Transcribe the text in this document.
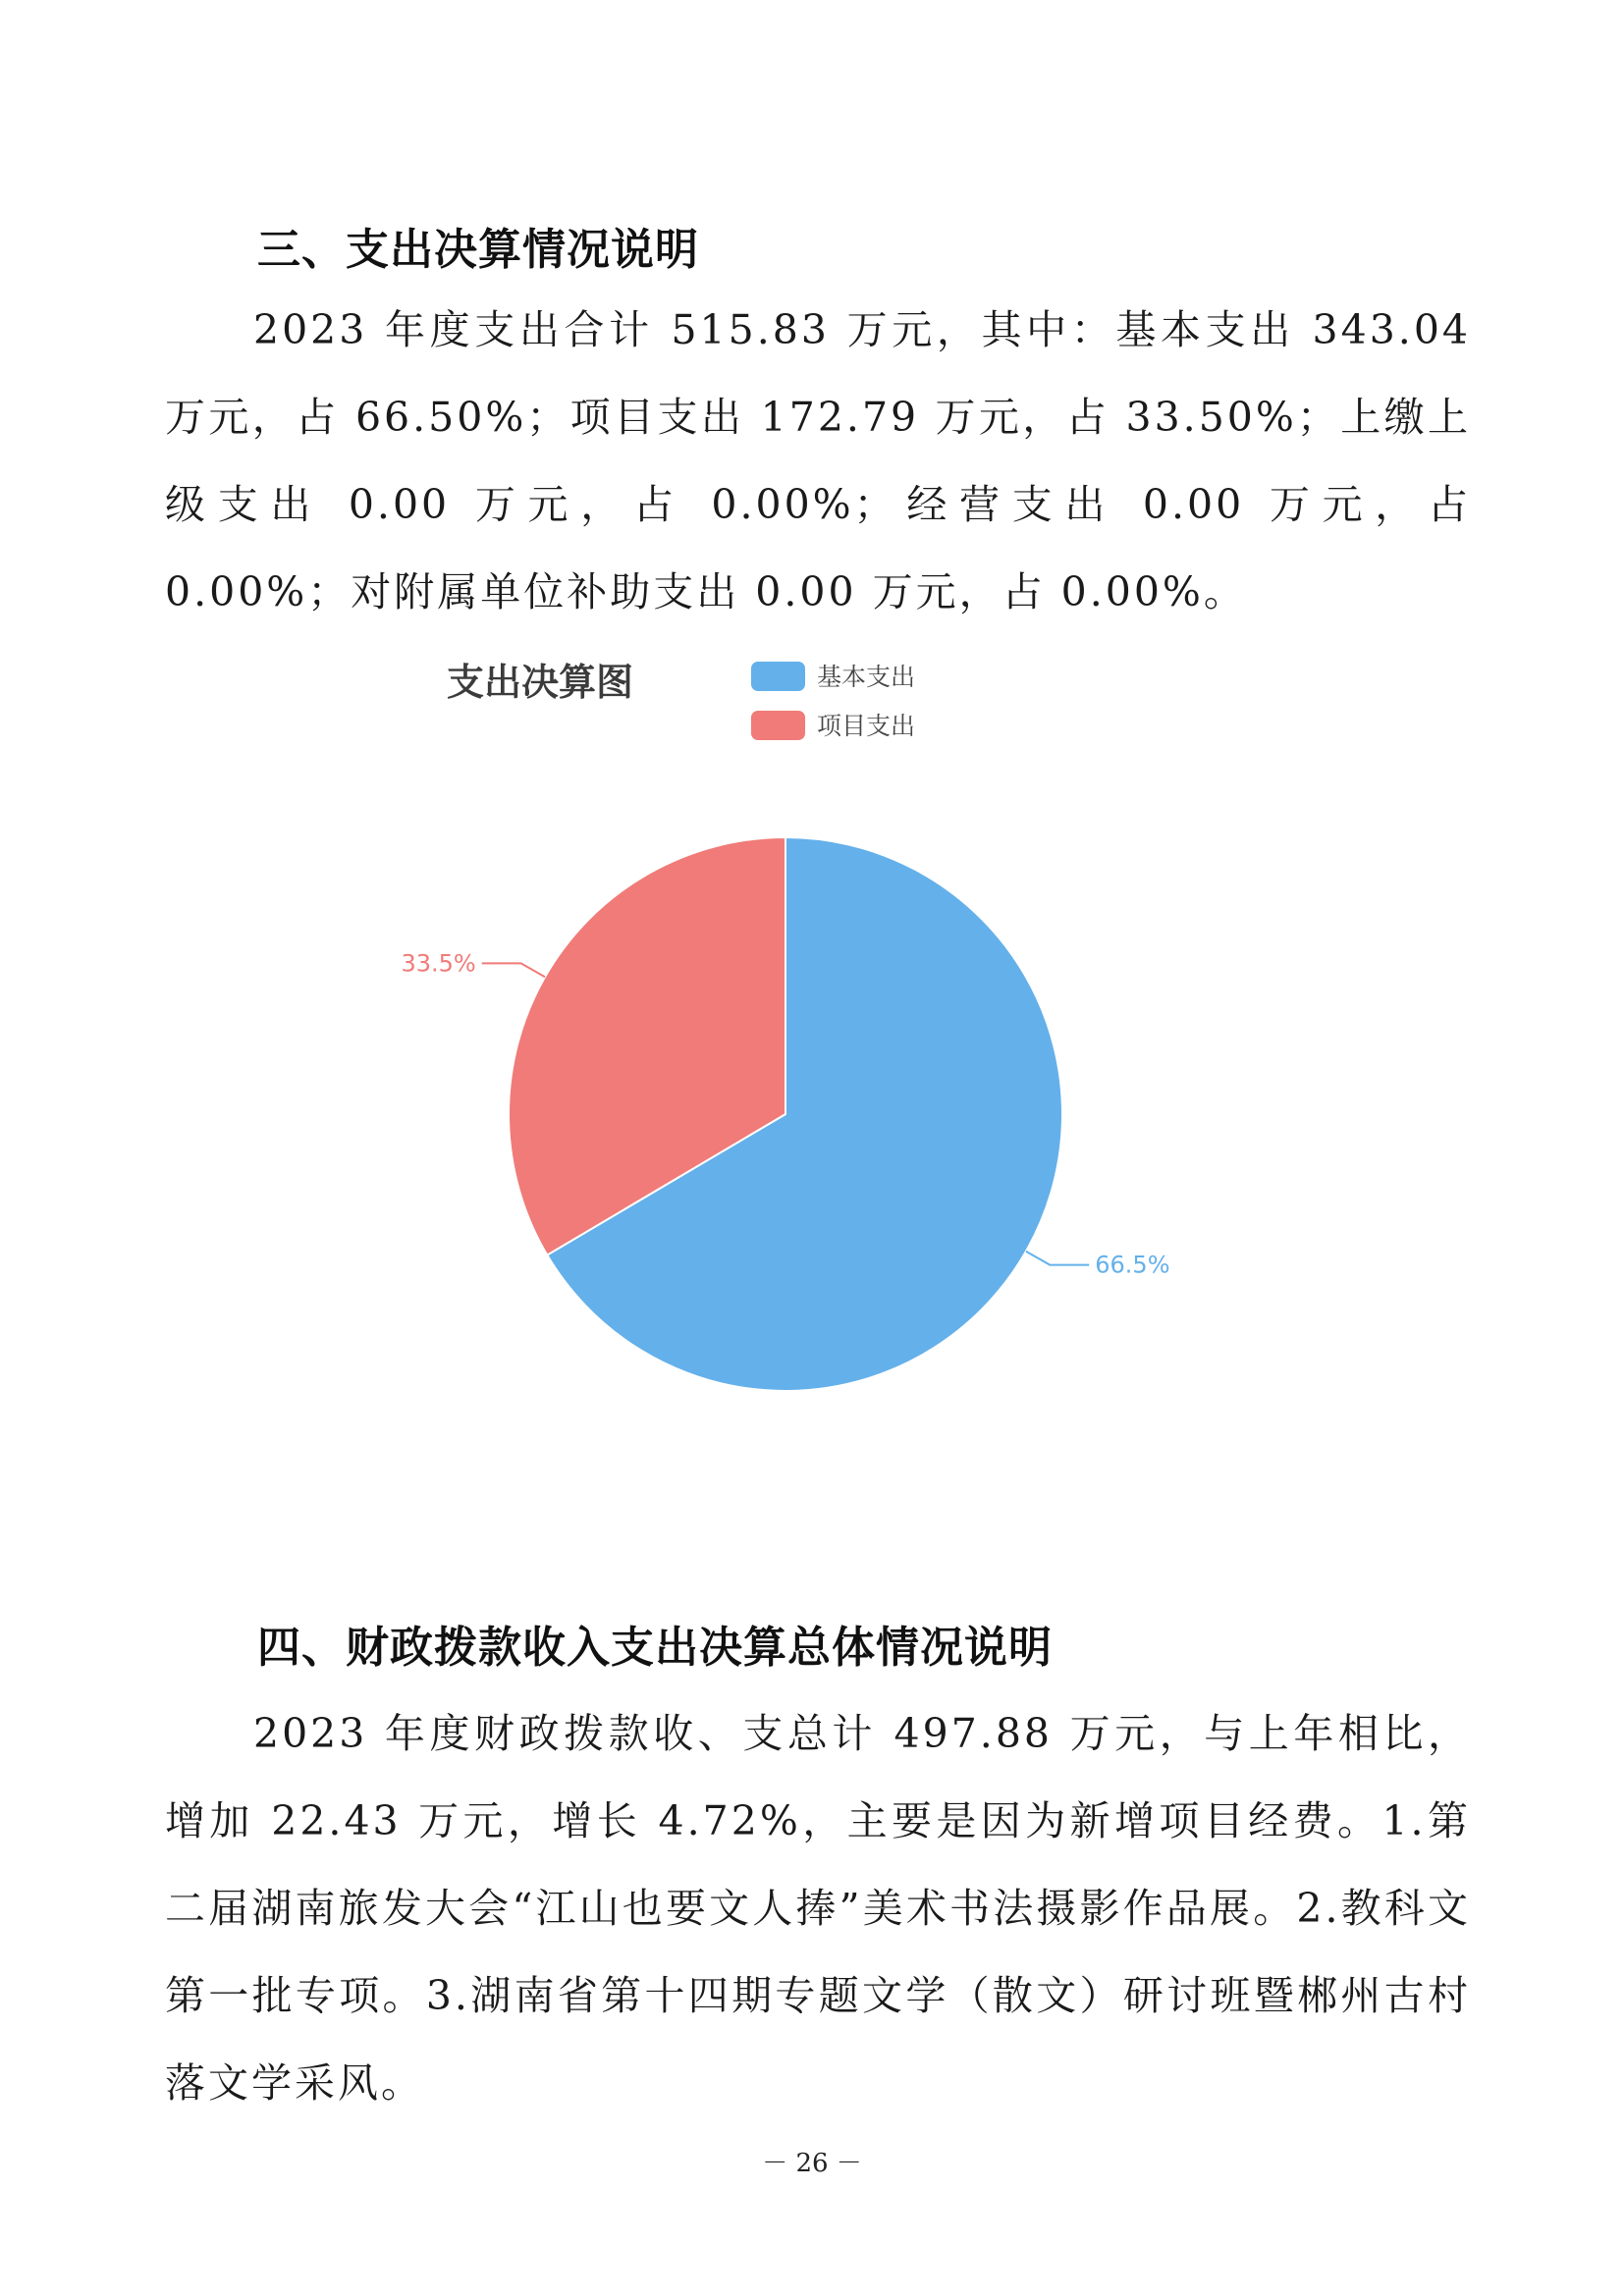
三、支出决算情况说明

2023 年度支出合计 515.83 万元，其中：基本支出 343.04 万元，占 66.50%；项目支出 172.79 万元，占 33.50%；上缴上级支出 0.00 万元，占 0.00%；经营支出 0.00 万元，占 0.00%；对附属单位补助支出 0.00 万元，占 0.00%。

支出决算图	基本支出
项目支出
66.5%
33.5%
四、财政拨款收入支出决算总体情况说明

2023 年度财政拨款收、支总计 497.88 万元，与上年相比，增加 22.43 万元，增长 4.72%，主要是因为新增项目经费。1.第二届湖南旅发大会“江山也要文人捧”美术书法摄影作品展。2.教科文第一批专项。3.湖南省第十四期专题文学（散文）研讨班暨郴州古村落文学采风。

－ 26 －
